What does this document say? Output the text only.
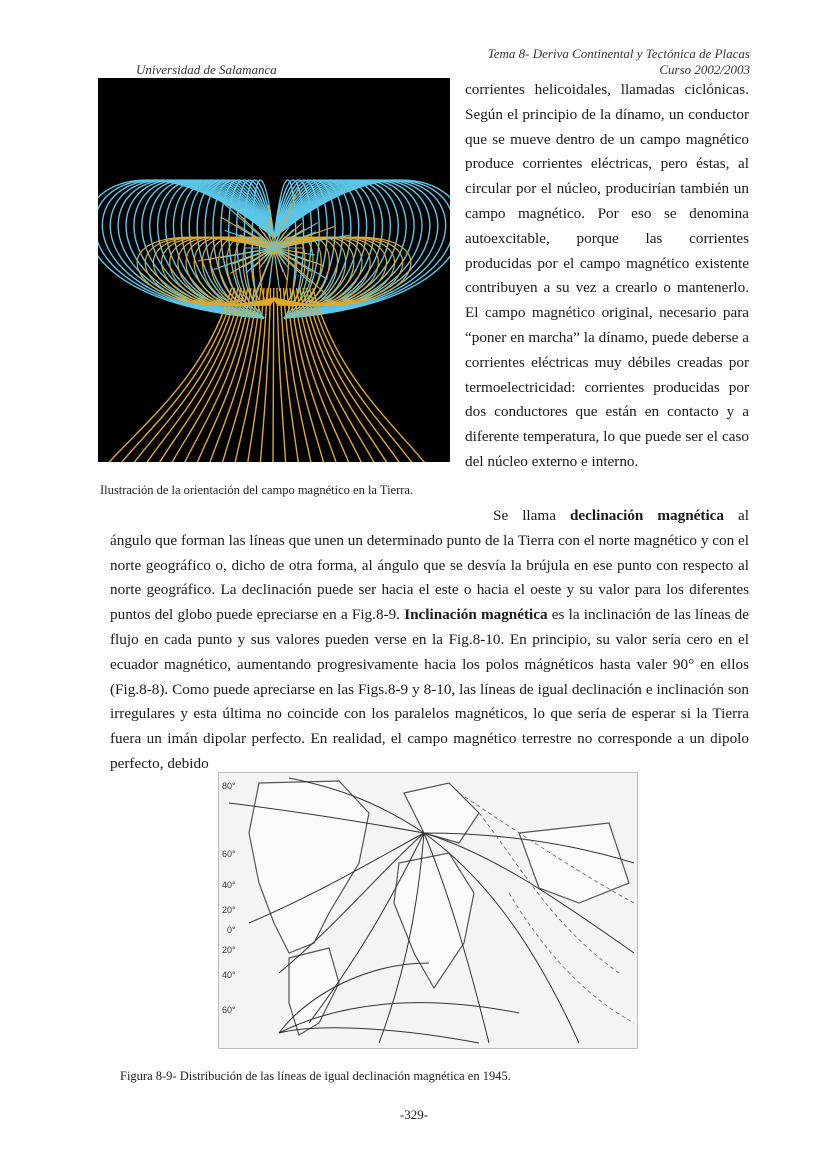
Universidad de Salamanca
Tema 8- Deriva Continental y Tectónica de Placas
Curso 2002/2003
Ilustración de la orientación del campo magnético en la Tierra.

corrientes helicoidales, llamadas ciclónicas. Según el principio de la dínamo, un conductor que se mueve dentro de un campo magnético produce corrientes eléctricas, pero éstas, al circular por el núcleo, producirían también un campo magnético. Por eso se denomina autoexcitable, porque las corrientes producidas por el campo magnético existente contribuyen a su vez a crearlo o mantenerlo. El campo magnético original, necesario para “poner en marcha” la dínamo, puede deberse a corrientes eléctricas muy débiles creadas por termoelectricidad: corrientes producidas por dos conductores que están en contacto y a diferente temperatura, lo que puede ser el caso del núcleo externo e interno.

Se llama declinación magnética al ángulo que forman las líneas que unen un determinado punto de la Tierra con el norte magnético y con el norte geográfico o, dicho de otra forma, al ángulo que se desvía la brújula en ese punto con respecto al norte geográfico. La declinación puede ser hacia el este o hacia el oeste y su valor para los diferentes puntos del globo puede epreciarse en a Fig.8-9. Inclinación magnética es la inclinación de las líneas de flujo en cada punto y sus valores pueden verse en la Fig.8-10. En principio, su valor sería cero en el ecuador magnético, aumentando progresivamente hacia los polos mágnéticos hasta valer 90° en ellos (Fig.8-8). Como puede apreciarse en las Figs.8-9 y 8-10, las líneas de igual declinación e inclinación son irregulares y esta última no coincide con los paralelos magnéticos, lo que sería de esperar si la Tierra fuera un imán dipolar perfecto. En realidad, el campo magnético terrestre no corresponde a un dipolo perfecto, debido

80°
60°
40°
20°
0°
20°
40°
60°
Figura 8-9- Distribución de las líneas de igual declinación magnética en 1945.
-329-
